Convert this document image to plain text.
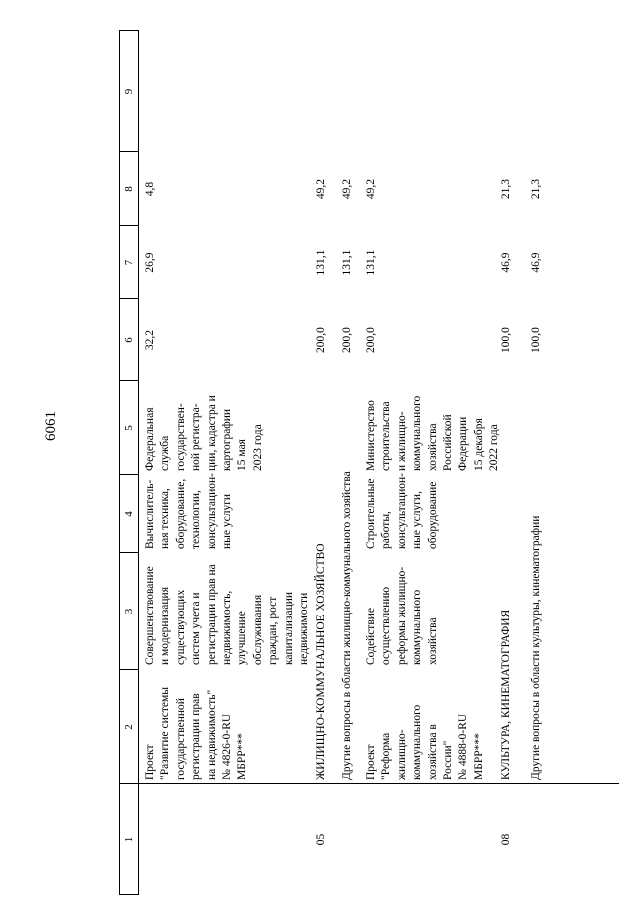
6061
1
2
3
4
5
6
7
8
9
Проект
"Развитие системы
государственной
регистрации прав
на недвижимость"
№ 4826-0-RU
МБРР***
Совершенствование
и модернизация
существующих
систем учета и
регистрации прав на
недвижимость,
улучшение
обслуживания
граждан, рост
капитализации
недвижимости
Вычислитель-
ная техника,
оборудование,
технологии,
консультацион-
ные услуги
Федеральная
служба
государствен-
ной регистра-
ции, кадастра и
картографии
15 мая
2023 года
32,2
26,9
4,8
05
ЖИЛИЩНО-КОММУНАЛЬНОЕ ХОЗЯЙСТВО
200,0
131,1
49,2
Другие вопросы в области жилищно-коммунального хозяйства
200,0
131,1
49,2
Проект
"Реформа
жилищно-
коммунального
хозяйства в
России"
№ 4888-0-RU
МБРР***
Содействие
осуществлению
реформы жилищно-
коммунального
хозяйства
Строительные
работы,
консультацион-
ные услуги,
оборудование
Министерство
строительства
и жилищно-
коммунального
хозяйства
Российской
Федерации
15 декабря
2022 года
200,0
131,1
49,2
08
КУЛЬТУРА, КИНЕМАТОГРАФИЯ
100,0
46,9
21,3
Другие вопросы в области культуры, кинематографии
100,0
46,9
21,3
